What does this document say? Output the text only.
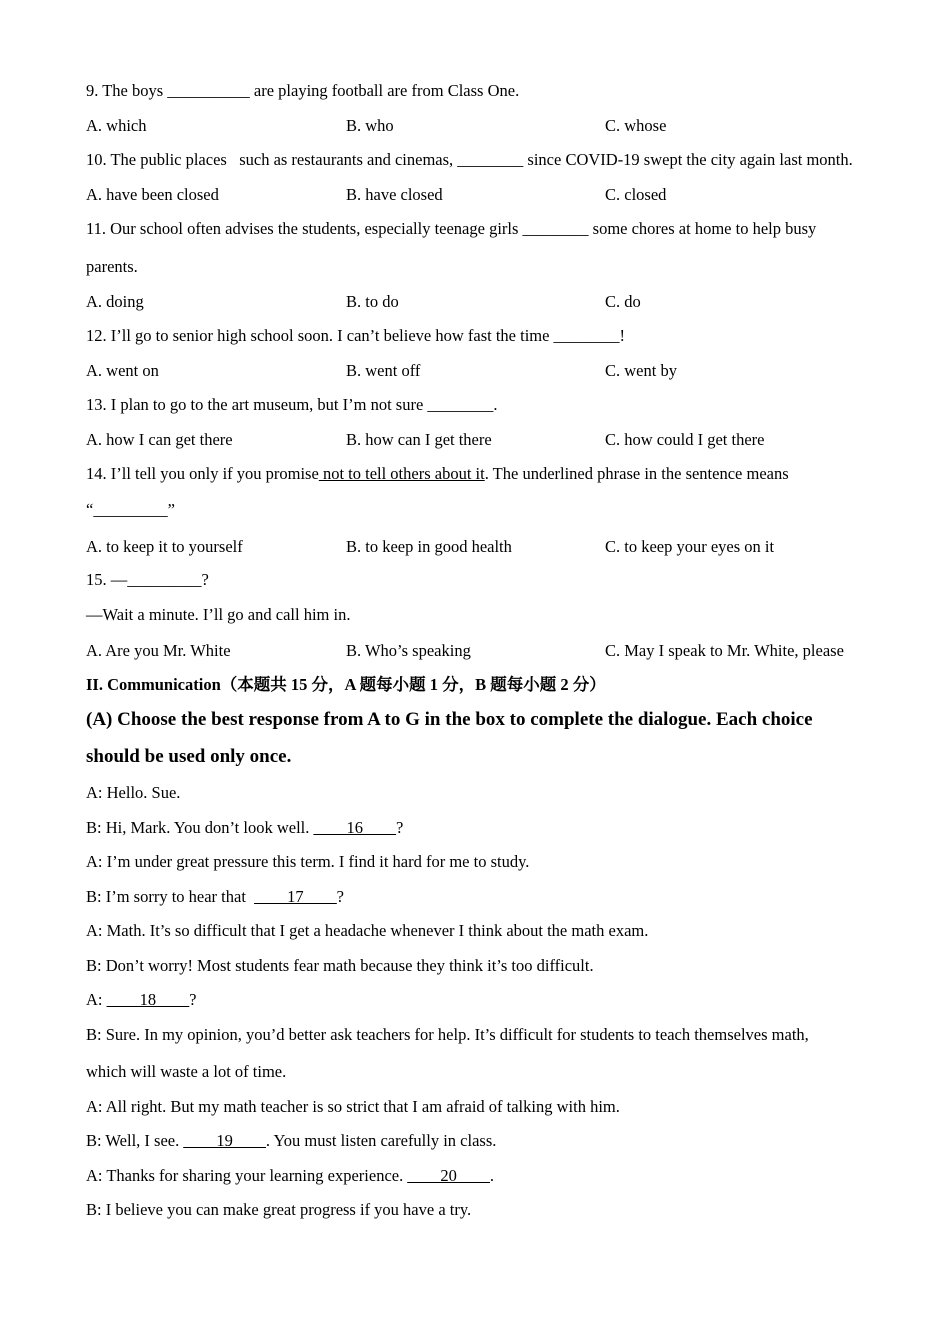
9. The boys __________ are playing football are from Class One.
A. which	B. who	C. whose
10. The public places   such as restaurants and cinemas, ________ since COVID-19 swept the city again last month.
A. have been closed	B. have closed	C. closed
11. Our school often advises the students, especially teenage girls ________ some chores at home to help busy
parents.
A. doing	B. to do	C. do
12. I’ll go to senior high school soon. I can’t believe how fast the time ________!
A. went on	B. went off	C. went by
13. I plan to go to the art museum, but I’m not sure ________.
A. how I can get there	B. how can I get there	C. how could I get there
14. I’ll tell you only if you promise not to tell others about it. The underlined phrase in the sentence means
“_________”
A. to keep it to yourself	B. to keep in good health	C. to keep your eyes on it
15. —_________?
—Wait a minute. I’ll go and call him in.
A. Are you Mr. White	B. Who’s speaking	C. May I speak to Mr. White, please
II. Communication（本题共 15 分，A 题每小题 1 分，B 题每小题 2 分）
(A) Choose the best response from A to G in the box to complete the dialogue. Each choice
should be used only once.
A: Hello. Sue.
B: Hi, Mark. You don’t look well. ____16____?
A: I’m under great pressure this term. I find it hard for me to study.
B: I’m sorry to hear that  ____17____?
A: Math. It’s so difficult that I get a headache whenever I think about the math exam.
B: Don’t worry! Most students fear math because they think it’s too difficult.
A: ____18____?
B: Sure. In my opinion, you’d better ask teachers for help. It’s difficult for students to teach themselves math,
which will waste a lot of time.
A: All right. But my math teacher is so strict that I am afraid of talking with him.
B: Well, I see. ____19____. You must listen carefully in class.
A: Thanks for sharing your learning experience. ____20____.
B: I believe you can make great progress if you have a try.
